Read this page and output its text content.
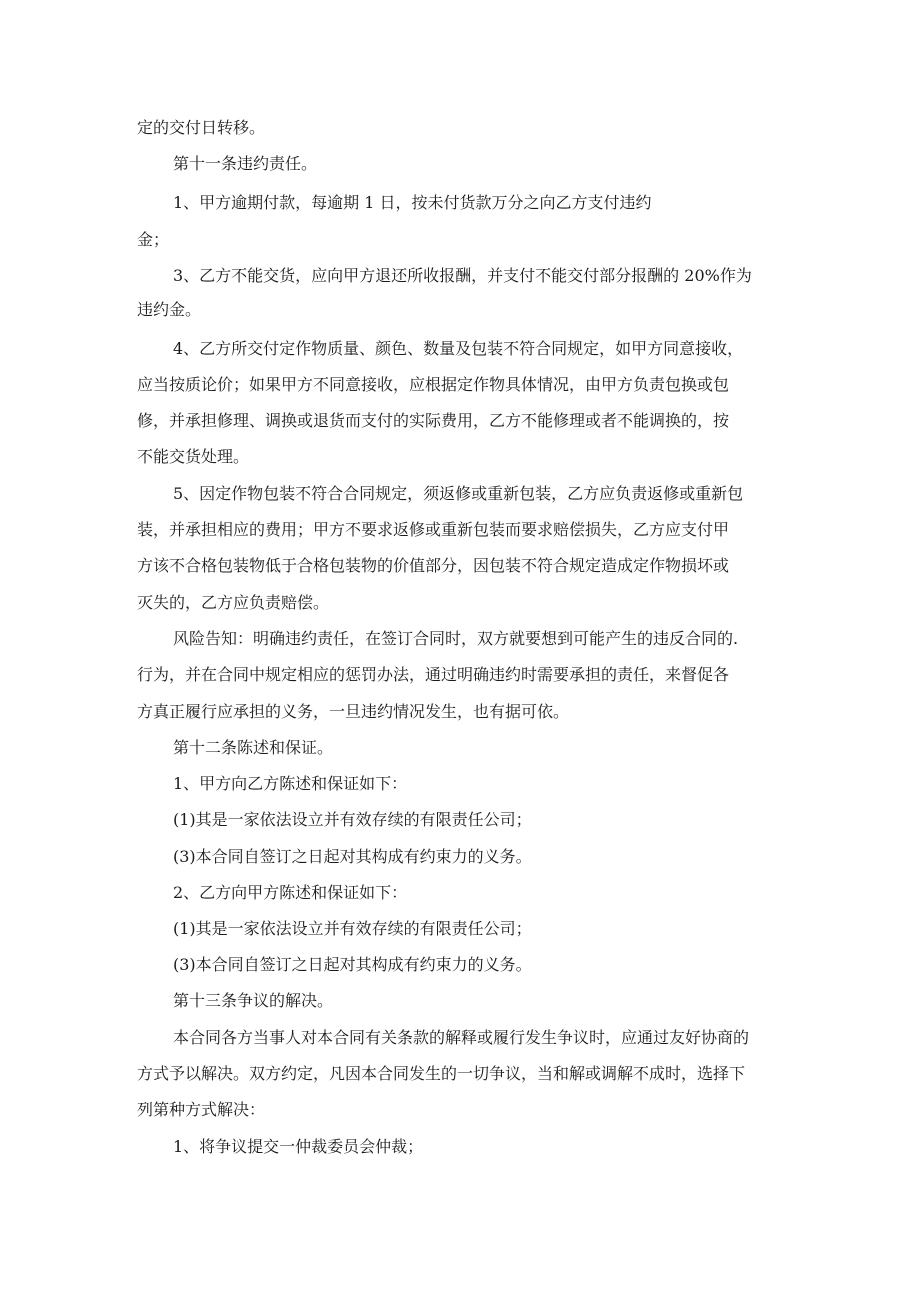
定的交付日转移。
第十一条违约责任。
1、甲方逾期付款，每逾期 1 日，按未付货款万分之向乙方支付违约
金；
3、乙方不能交货，应向甲方退还所收报酬，并支付不能交付部分报酬的 20%作为
违约金。
4、乙方所交付定作物质量、颜色、数量及包装不符合同规定，如甲方同意接收，
应当按质论价；如果甲方不同意接收，应根据定作物具体情况，由甲方负责包换或包
修，并承担修理、调换或退货而支付的实际费用，乙方不能修理或者不能调换的，按
不能交货处理。
5、因定作物包装不符合合同规定，须返修或重新包装，乙方应负责返修或重新包
装，并承担相应的费用；甲方不要求返修或重新包装而要求赔偿损失，乙方应支付甲
方该不合格包装物低于合格包装物的价值部分，因包装不符合规定造成定作物损坏或
灭失的，乙方应负责赔偿。
风险告知：明确违约责任，在签订合同时，双方就要想到可能产生的违反合同的.
行为，并在合同中规定相应的惩罚办法，通过明确违约时需要承担的责任，来督促各
方真正履行应承担的义务，一旦违约情况发生，也有据可依。
第十二条陈述和保证。
1、甲方向乙方陈述和保证如下：
(1)其是一家依法设立并有效存续的有限责任公司；
(3)本合同自签订之日起对其构成有约束力的义务。
2、乙方向甲方陈述和保证如下：
(1)其是一家依法设立并有效存续的有限责任公司；
(3)本合同自签订之日起对其构成有约束力的义务。
第十三条争议的解决。
本合同各方当事人对本合同有关条款的解释或履行发生争议时，应通过友好协商的
方式予以解决。双方约定，凡因本合同发生的一切争议，当和解或调解不成时，选择下
列第种方式解决：
1、将争议提交一仲裁委员会仲裁；
